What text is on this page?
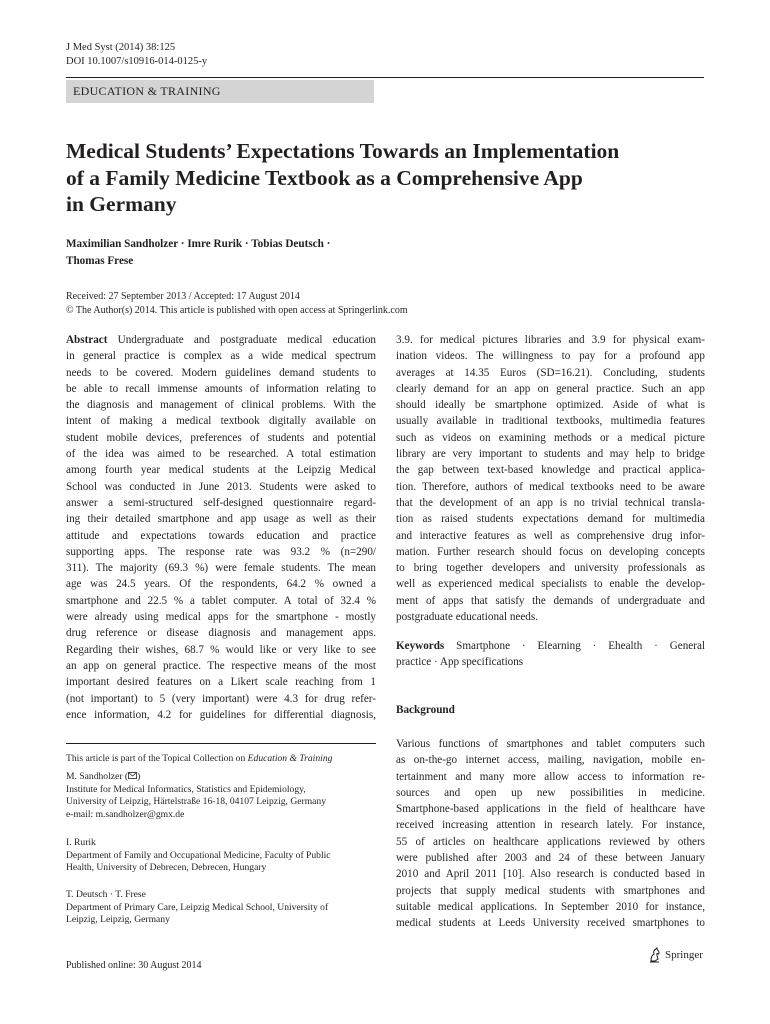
J Med Syst (2014) 38:125
DOI 10.1007/s10916-014-0125-y
EDUCATION & TRAINING
Medical Students’ Expectations Towards an Implementation
of a Family Medicine Textbook as a Comprehensive App
in Germany
Maximilian Sandholzer · Imre Rurik · Tobias Deutsch ·
Thomas Frese
Received: 27 September 2013 / Accepted: 17 August 2014
© The Author(s) 2014. This article is published with open access at Springerlink.com
Abstract Undergraduate and postgraduate medical education
in general practice is complex as a wide medical spectrum
needs to be covered. Modern guidelines demand students to
be able to recall immense amounts of information relating to
the diagnosis and management of clinical problems. With the
intent of making a medical textbook digitally available on
student mobile devices, preferences of students and potential
of the idea was aimed to be researched. A total estimation
among fourth year medical students at the Leipzig Medical
School was conducted in June 2013. Students were asked to
answer a semi-structured self-designed questionnaire regard-
ing their detailed smartphone and app usage as well as their
attitude and expectations towards education and practice
supporting apps. The response rate was 93.2 % (n=290/
311). The majority (69.3 %) were female students. The mean
age was 24.5 years. Of the respondents, 64.2 % owned a
smartphone and 22.5 % a tablet computer. A total of 32.4 %
were already using medical apps for the smartphone - mostly
drug reference or disease diagnosis and management apps.
Regarding their wishes, 68.7 % would like or very like to see
an app on general practice. The respective means of the most
important desired features on a Likert scale reaching from 1
(not important) to 5 (very important) were 4.3 for drug refer-
ence information, 4.2 for guidelines for differential diagnosis,
3.9. for medical pictures libraries and 3.9 for physical exam-
ination videos. The willingness to pay for a profound app
averages at 14.35 Euros (SD=16.21). Concluding, students
clearly demand for an app on general practice. Such an app
should ideally be smartphone optimized. Aside of what is
usually available in traditional textbooks, multimedia features
such as videos on examining methods or a medical picture
library are very important to students and may help to bridge
the gap between text-based knowledge and practical applica-
tion. Therefore, authors of medical textbooks need to be aware
that the development of an app is no trivial technical transla-
tion as raised students expectations demand for multimedia
and interactive features as well as comprehensive drug infor-
mation. Further research should focus on developing concepts
to bring together developers and university professionals as
well as experienced medical specialists to enable the develop-
ment of apps that satisfy the demands of undergraduate and
postgraduate educational needs.
Keywords Smartphone · Elearning · Ehealth · General
practice · App specifications
Background
Various functions of smartphones and tablet computers such
as on-the-go internet access, mailing, navigation, mobile en-
tertainment and many more allow access to information re-
sources and open up new possibilities in medicine.
Smartphone-based applications in the field of healthcare have
received increasing attention in research lately. For instance,
55 of articles on healthcare applications reviewed by others
were published after 2003 and 24 of these between January
2010 and April 2011 [10]. Also research is conducted based in
projects that supply medical students with smartphones and
suitable medical applications. In September 2010 for instance,
medical students at Leeds University received smartphones to
This article is part of the Topical Collection on Education & Training
M. Sandholzer ( )
Institute for Medical Informatics, Statistics and Epidemiology,
University of Leipzig, Härtelstraße 16-18, 04107 Leipzig, Germany
e-mail: m.sandholzer@gmx.de
I. Rurik
Department of Family and Occupational Medicine, Faculty of Public
Health, University of Debrecen, Debrecen, Hungary
T. Deutsch · T. Frese
Department of Primary Care, Leipzig Medical School, University of
Leipzig, Leipzig, Germany
Published online: 30 August 2014
Springer
